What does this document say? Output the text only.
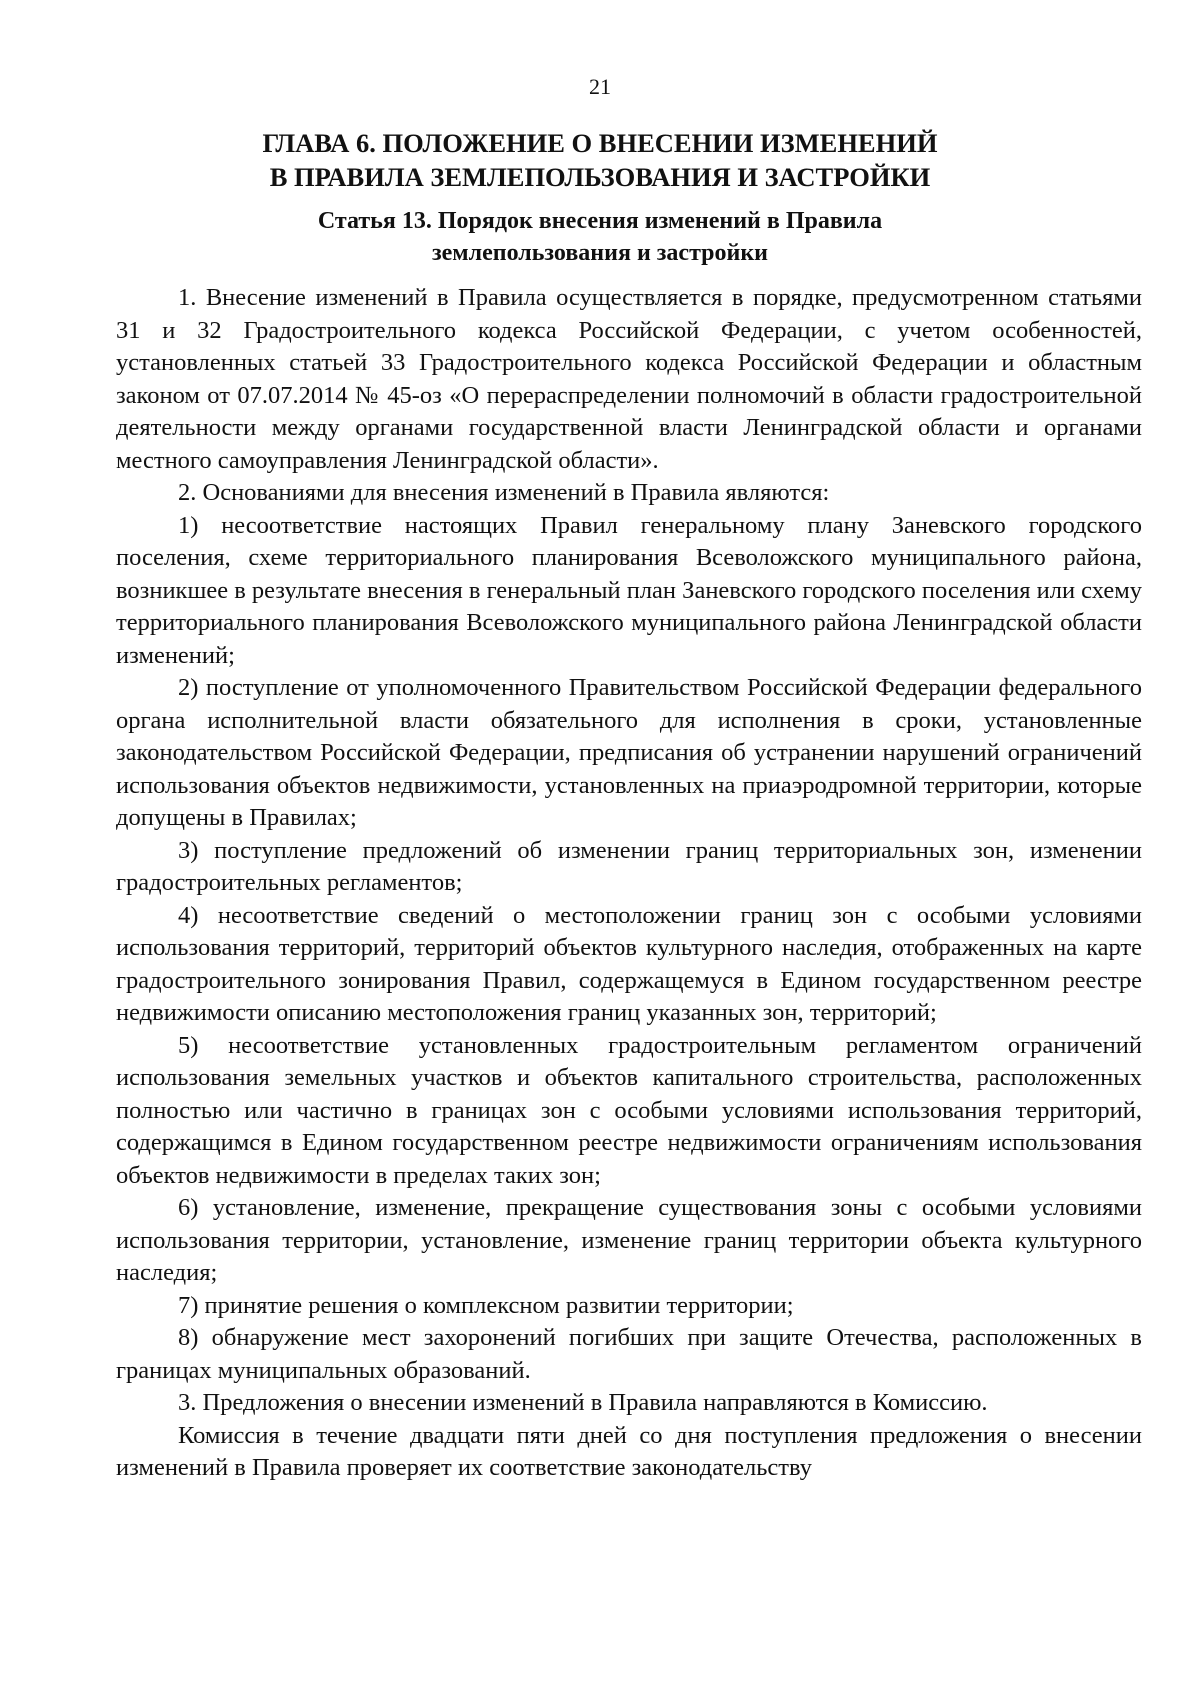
21
ГЛАВА 6. ПОЛОЖЕНИЕ О ВНЕСЕНИИ ИЗМЕНЕНИЙ
В ПРАВИЛА ЗЕМЛЕПОЛЬЗОВАНИЯ И ЗАСТРОЙКИ
Статья 13. Порядок внесения изменений в Правила
землепользования и застройки

1. Внесение изменений в Правила осуществляется в порядке, предусмотренном статьями 31 и 32 Градостроительного кодекса Российской Федерации, с учетом особенностей, установленных статьей 33 Градостроительного кодекса Российской Федерации и областным законом от 07.07.2014 № 45-оз «О перераспределении полномочий в области градостроительной деятельности между органами государственной власти Ленинградской области и органами местного самоуправления Ленинградской области».

2. Основаниями для внесения изменений в Правила являются:

1) несоответствие настоящих Правил генеральному плану Заневского городского поселения, схеме территориального планирования Всеволожского муниципального района, возникшее в результате внесения в генеральный план Заневского городского поселения или схему территориального планирования Всеволожского муниципального района Ленинградской области изменений;

2) поступление от уполномоченного Правительством Российской Федерации федерального органа исполнительной власти обязательного для исполнения в сроки, установленные законодательством Российской Федерации, предписания об устранении нарушений ограничений использования объектов недвижимости, установленных на приаэродромной территории, которые допущены в Правилах;

3) поступление предложений об изменении границ территориальных зон, изменении градостроительных регламентов;

4) несоответствие сведений о местоположении границ зон с особыми условиями использования территорий, территорий объектов культурного наследия, отображенных на карте градостроительного зонирования Правил, содержащемуся в Едином государственном реестре недвижимости описанию местоположения границ указанных зон, территорий;

5) несоответствие установленных градостроительным регламентом ограничений использования земельных участков и объектов капитального строительства, расположенных полностью или частично в границах зон с особыми условиями использования территорий, содержащимся в Едином государственном реестре недвижимости ограничениям использования объектов недвижимости в пределах таких зон;

6) установление, изменение, прекращение существования зоны с особыми условиями использования территории, установление, изменение границ территории объекта культурного наследия;

7) принятие решения о комплексном развитии территории;

8) обнаружение мест захоронений погибших при защите Отечества, расположенных в границах муниципальных образований.

3. Предложения о внесении изменений в Правила направляются в Комиссию.

Комиссия в течение двадцати пяти дней со дня поступления предложения о внесении изменений в Правила проверяет их соответствие законодательству
